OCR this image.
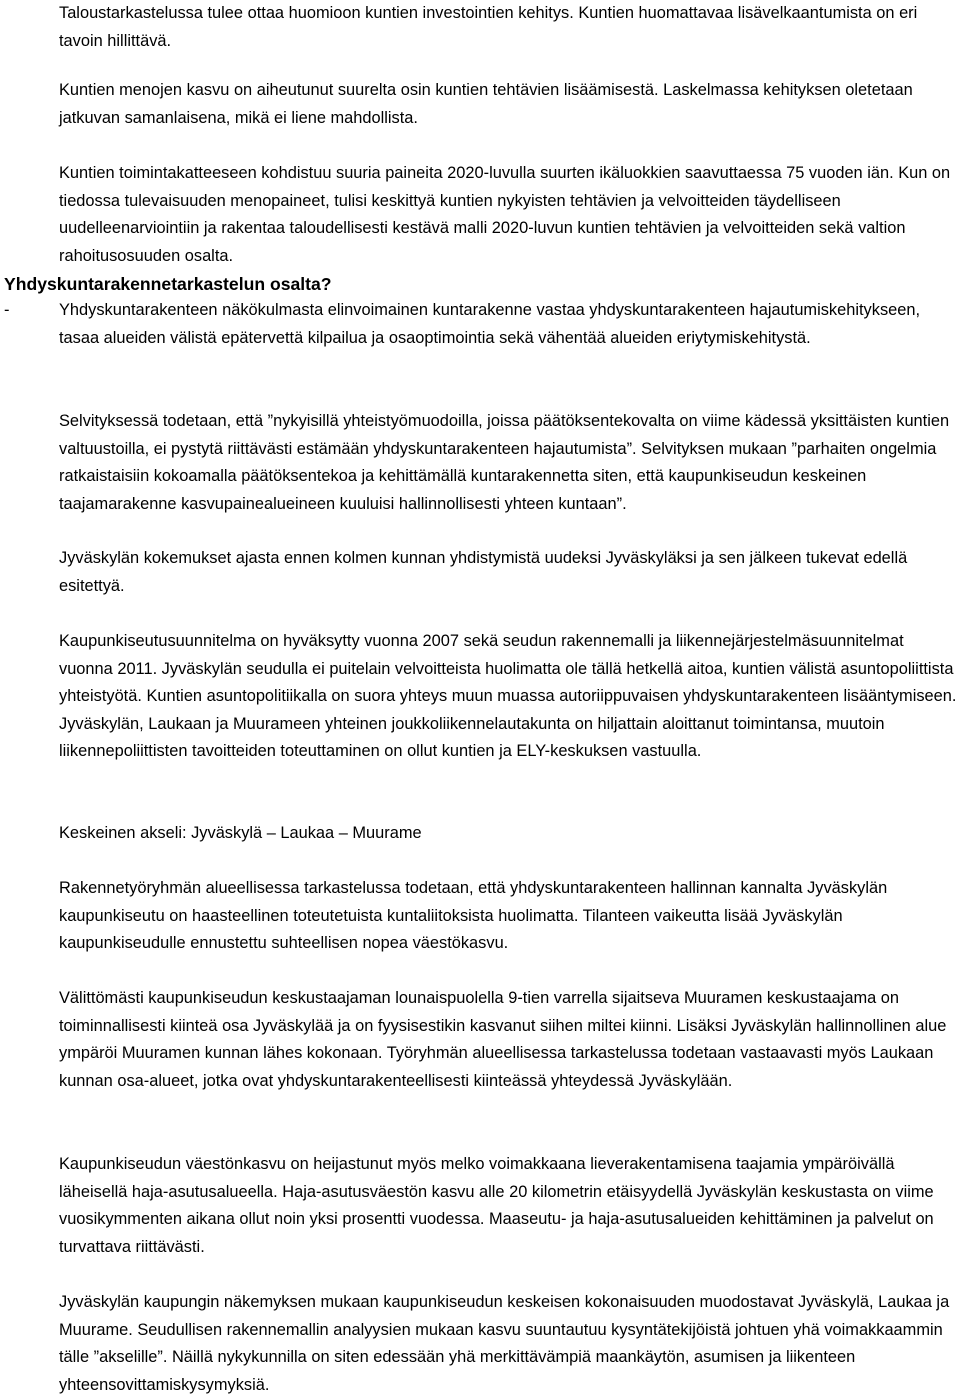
Taloustarkastelussa tulee ottaa huomioon kuntien investointien kehitys. Kuntien huomattavaa lisävelkaantumista on eri tavoin hillittävä.

Kuntien menojen kasvu on aiheutunut suurelta osin kuntien tehtävien lisäämisestä. Laskelmassa kehityksen oletetaan jatkuvan samanlaisena, mikä ei liene mahdollista.

Kuntien toimintakatteeseen kohdistuu suuria paineita 2020-luvulla suurten ikäluokkien saavuttaessa 75 vuoden iän. Kun on tiedossa tulevaisuuden menopaineet, tulisi keskittyä kuntien nykyisten tehtävien ja velvoitteiden täydelliseen uudelleenarviointiin ja rakentaa taloudellisesti kestävä malli 2020-luvun kuntien tehtävien ja velvoitteiden sekä valtion rahoitusosuuden osalta.

Yhdyskuntarakennetarkastelun osalta?
-	Yhdyskuntarakenteen näkökulmasta elinvoimainen kuntarakenne vastaa yhdyskuntarakenteen hajautumiskehitykseen, tasaa alueiden välistä epätervettä kilpailua ja osaoptimointia sekä vähentää alueiden eriytymiskehitystä.

Selvityksessä todetaan, että ”nykyisillä yhteistyömuodoilla, joissa päätöksentekovalta on viime kädessä yksittäisten kuntien valtuustoilla, ei pystytä riittävästi estämään yhdyskuntarakenteen hajautumista”. Selvityksen mukaan ”parhaiten ongelmia ratkaistaisiin kokoamalla päätöksentekoa ja kehittämällä kuntarakennetta siten, että kaupunkiseudun keskeinen taajamarakenne kasvupainealueineen kuuluisi hallinnollisesti yhteen kuntaan”.

Jyväskylän kokemukset ajasta ennen kolmen kunnan yhdistymistä uudeksi Jyväskyläksi ja sen jälkeen tukevat edellä esitettyä.

Kaupunkiseutusuunnitelma on hyväksytty vuonna 2007 sekä seudun rakennemalli ja liikennejärjestelmäsuunnitelmat vuonna 2011. Jyväskylän seudulla ei puitelain velvoitteista huolimatta ole tällä hetkellä aitoa, kuntien välistä asuntopoliittista yhteistyötä. Kuntien asuntopolitiikalla on suora yhteys muun muassa autoriippuvaisen yhdyskuntarakenteen lisääntymiseen. Jyväskylän, Laukaan ja Muurameen yhteinen joukkoliikennelautakunta on hiljattain aloittanut toimintansa, muutoin liikennepoliittisten tavoitteiden toteuttaminen on ollut kuntien ja ELY-keskuksen vastuulla.

Keskeinen akseli: Jyväskylä – Laukaa – Muurame

Rakennetyöryhmän alueellisessa tarkastelussa todetaan, että yhdyskuntarakenteen hallinnan kannalta Jyväskylän kaupunkiseutu on haasteellinen toteutetuista kuntaliitoksista huolimatta. Tilanteen vaikeutta lisää Jyväskylän kaupunkiseudulle ennustettu suhteellisen nopea väestökasvu.

Välittömästi kaupunkiseudun keskustaajaman lounaispuolella 9-tien varrella sijaitseva Muuramen keskustaajama on toiminnallisesti kiinteä osa Jyväskylää ja on fyysisestikin kasvanut siihen miltei kiinni. Lisäksi Jyväskylän hallinnollinen alue ympäröi Muuramen kunnan lähes kokonaan. Työryhmän alueellisessa tarkastelussa todetaan vastaavasti myös Laukaan kunnan osa-alueet, jotka ovat yhdyskuntarakenteellisesti kiinteässä yhteydessä Jyväskylään.

Kaupunkiseudun väestönkasvu on heijastunut myös melko voimakkaana lieverakentamisena taajamia ympäröivällä läheisellä haja-asutusalueella. Haja-asutusväestön kasvu alle 20 kilometrin etäisyydellä Jyväskylän keskustasta on viime vuosikymmenten aikana ollut noin yksi prosentti vuodessa. Maaseutu- ja haja-asutusalueiden kehittäminen ja palvelut on turvattava riittävästi.

Jyväskylän kaupungin näkemyksen mukaan kaupunkiseudun keskeisen kokonaisuuden muodostavat Jyväskylä, Laukaa ja Muurame. Seudullisen rakennemallin analyysien mukaan kasvu suuntautuu kysyntätekijöistä johtuen yhä voimakkaammin tälle ”akselille”. Näillä nykykunnilla on siten edessään yhä merkittävämpiä maankäytön, asumisen ja liikenteen yhteensovittamiskysymyksiä.
